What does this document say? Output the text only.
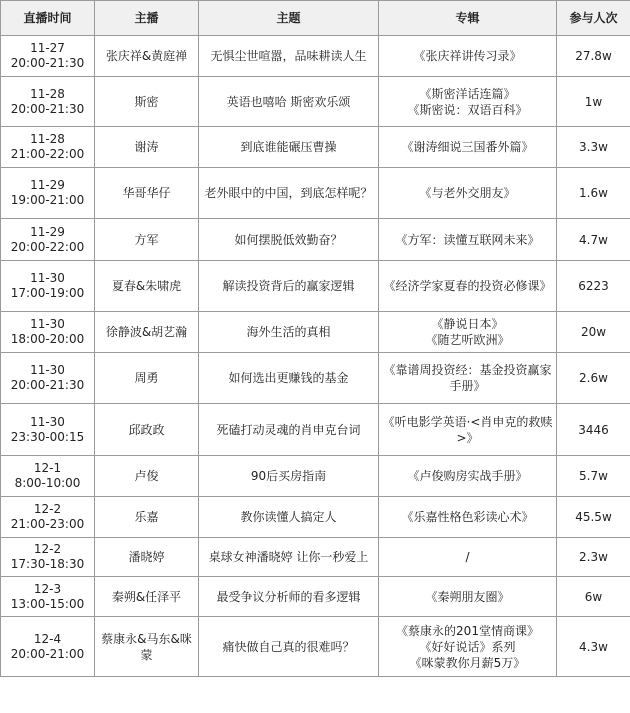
直播时间	主播	主题	专辑	参与人次

11-27
20:00-21:30	张庆祥&黄庭禅	无惧尘世喧嚣，品味耕读人生	《张庆祥讲传习录》	27.8w

11-28
20:00-21:30	斯密	英语也嘻哈 斯密欢乐颂	《斯密洋话连篇》
《斯密说：双语百科》	1w

11-28
21:00-22:00	谢涛	到底谁能碾压曹操	《谢涛细说三国番外篇》	3.3w

11-29
19:00-21:00	华哥华仔	老外眼中的中国，到底怎样呢？	《与老外交朋友》	1.6w

11-29
20:00-22:00	方军	如何摆脱低效勤奋？	《方军：读懂互联网未来》	4.7w

11-30
17:00-19:00	夏春&朱啸虎	解读投资背后的赢家逻辑	《经济学家夏春的投资必修课》	6223

11-30
18:00-20:00	徐静波&胡艺瀚	海外生活的真相	《静说日本》
《随艺听欧洲》	20w

11-30
20:00-21:30	周勇	如何选出更赚钱的基金	《靠谱周投资经：基金投资赢家手册》	2.6w

11-30
23:30-00:15	邱政政	死磕打动灵魂的肖申克台词	《听电影学英语·<肖申克的救赎>》	3446

12-1
8:00-10:00	卢俊	90后买房指南	《卢俊购房实战手册》	5.7w

12-2
21:00-23:00	乐嘉	教你读懂人搞定人	《乐嘉性格色彩读心术》	45.5w

12-2
17:30-18:30	潘晓婷	桌球女神潘晓婷 让你一秒爱上	/	2.3w

12-3
13:00-15:00	秦朔&任泽平	最受争议分析师的看多逻辑	《秦朔朋友圈》	6w

12-4
20:00-21:00	蔡康永&马东&咪蒙	痛快做自己真的很难吗？	《蔡康永的201堂情商课》
《好好说话》系列
《咪蒙教你月薪5万》	4.3w
